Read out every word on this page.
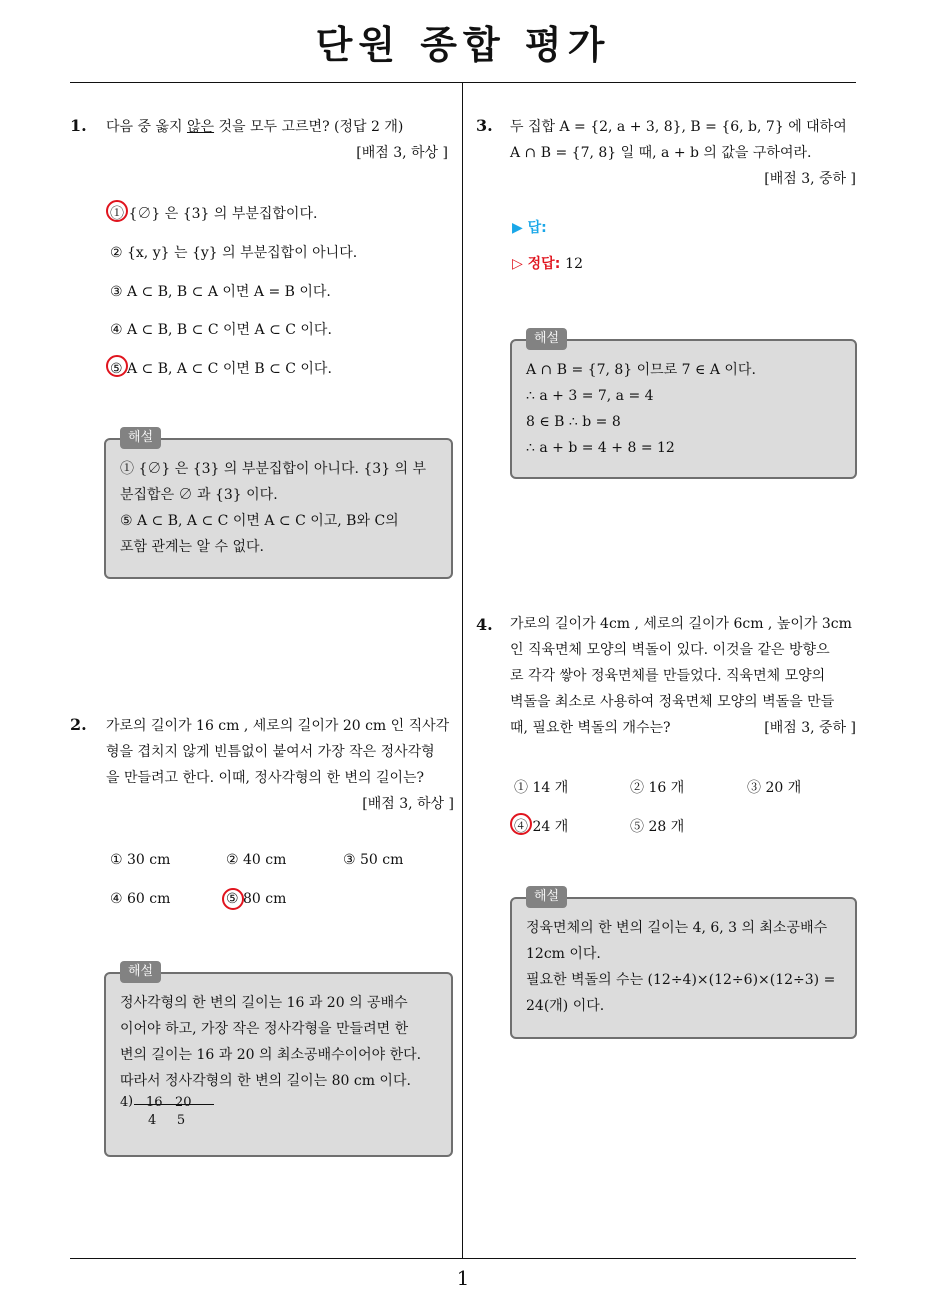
단원 종합 평가
1
1. 다음 중 옳지 않은 것을 모두 고르면? (정답 2 개)
[배점 3, 하상 ]
① {∅} 은 {3} 의 부분집합이다.
② {x, y} 는 {y} 의 부분집합이 아니다.
③ A ⊂ B, B ⊂ A 이면 A = B 이다.
④ A ⊂ B, B ⊂ C 이면 A ⊂ C 이다.
⑤ A ⊂ B, A ⊂ C 이면 B ⊂ C 이다.
해설
① {∅} 은 {3} 의 부분집합이 아니다. {3} 의 부
분집합은 ∅ 과 {3} 이다.
⑤ A ⊂ B, A ⊂ C 이면 A ⊂ C 이고, B와 C의
포함 관계는 알 수 없다.
2. 가로의 길이가 16 cm , 세로의 길이가 20 cm 인 직사각
형을 겹치지 않게 빈틈없이 붙여서 가장 작은 정사각형
을 만들려고 한다. 이때, 정사각형의 한 변의 길이는?
[배점 3, 하상 ]
① 30 cm	② 40 cm	③ 50 cm
④ 60 cm	⑤ 80 cm
해설
정사각형의 한 변의 길이는 16 과 20 의 공배수
이어야 하고, 가장 작은 정사각형을 만들려면 한
변의 길이는 16 과 20 의 최소공배수이어야 한다.
따라서 정사각형의 한 변의 길이는 80 cm 이다.
4 ) 16   20
4     5
3. 두 집합 A = {2, a + 3, 8}, B = {6, b, 7} 에 대하여
A ∩ B = {7, 8} 일 때, a + b 의 값을 구하여라.
[배점 3, 중하 ]
▶ 답:
▷ 정답: 12
해설
A ∩ B = {7, 8} 이므로 7 ∈ A 이다.
∴ a + 3 = 7, a = 4
8 ∈ B ∴ b = 8
∴ a + b = 4 + 8 = 12
4. 가로의 길이가 4cm , 세로의 길이가 6cm , 높이가 3cm
인 직육면체 모양의 벽돌이 있다. 이것을 같은 방향으
로 각각 쌓아 정육면체를 만들었다. 직육면체 모양의
벽돌을 최소로 사용하여 정육면체 모양의 벽돌을 만들
때, 필요한 벽돌의 개수는?	[배점 3, 중하 ]
① 14 개	② 16 개	③ 20 개
④ 24 개	⑤ 28 개
해설
정육면체의 한 변의 길이는 4, 6, 3 의 최소공배수
12cm 이다.
필요한 벽돌의 수는 (12÷4)×(12÷6)×(12÷3) =
24(개) 이다.
